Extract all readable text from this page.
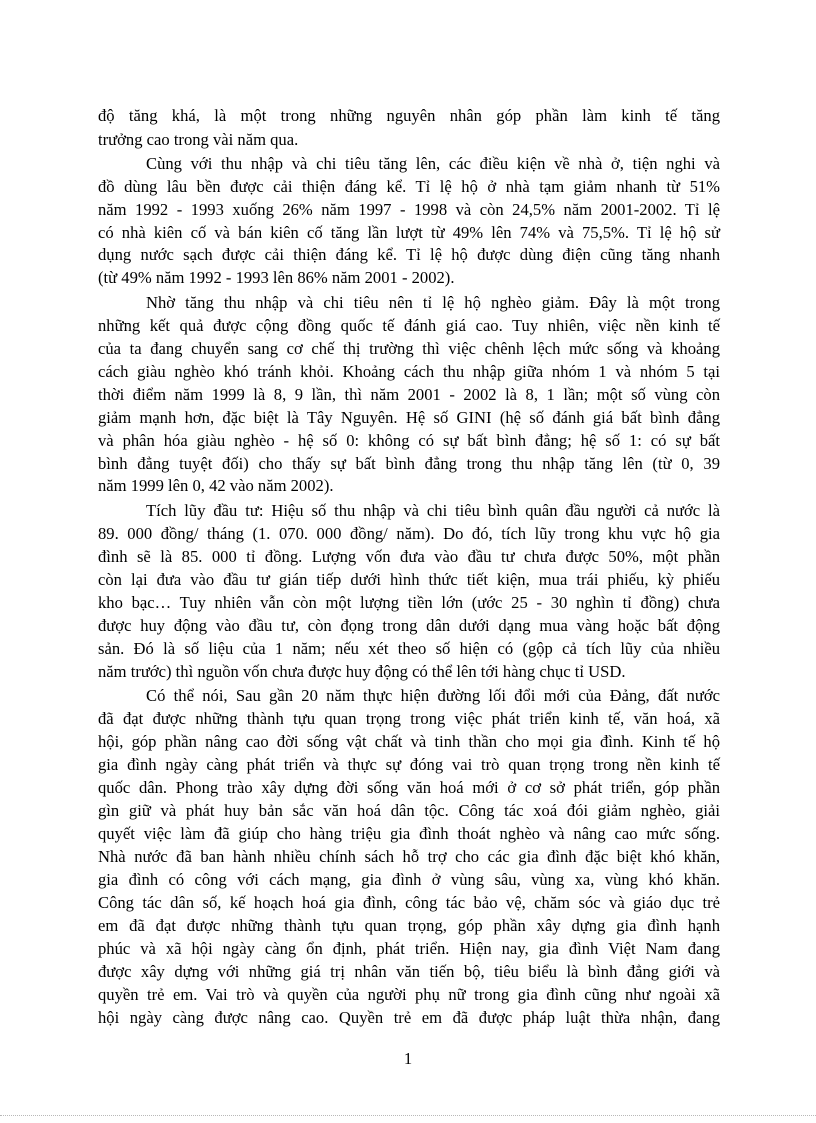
độ tăng khá, là một trong những nguyên nhân góp phần làm kinh tế tăng
trưởng cao trong vài năm qua.
Cùng với thu nhập và chi tiêu tăng lên, các điều kiện về nhà ở, tiện nghi và
đồ dùng lâu bền được cải thiện đáng kể. Tỉ lệ hộ ở nhà tạm giảm nhanh từ 51%
năm 1992 - 1993 xuống 26% năm 1997 - 1998 và còn 24,5% năm 2001-2002. Tỉ lệ
có nhà kiên cố và bán kiên cố tăng lần lượt từ 49% lên 74% và 75,5%. Tỉ lệ hộ sử
dụng nước sạch được cải thiện đáng kể. Tỉ lệ hộ được dùng điện cũng tăng nhanh
(từ 49% năm 1992 - 1993 lên 86% năm 2001 - 2002).
Nhờ tăng thu nhập và chi tiêu nên tỉ lệ hộ nghèo giảm. Đây là một trong
những kết quả được cộng đồng quốc tế đánh giá cao. Tuy nhiên, việc nền kinh tế
của ta đang chuyển sang cơ chế thị trường thì việc chênh lệch mức sống và khoảng
cách giàu nghèo khó tránh khỏi. Khoảng cách thu nhập giữa nhóm 1 và nhóm 5 tại
thời điểm năm 1999 là 8, 9 lần, thì năm 2001 - 2002 là 8, 1 lần; một số vùng còn
giảm mạnh hơn, đặc biệt là Tây Nguyên. Hệ số GINI (hệ số đánh giá bất bình đẳng
và phân hóa giàu nghèo - hệ số 0: không có sự bất bình đẳng; hệ số 1: có sự bất
bình đẳng tuyệt đối) cho thấy sự bất bình đẳng trong thu nhập tăng lên (từ 0, 39
năm 1999 lên 0, 42 vào năm 2002).
Tích lũy đầu tư: Hiệu số thu nhập và chi tiêu bình quân đầu người cả nước là
89. 000 đồng/ tháng (1. 070. 000 đồng/ năm). Do đó, tích lũy trong khu vực hộ gia
đình sẽ là 85. 000 tỉ đồng. Lượng vốn đưa vào đầu tư chưa được 50%, một phần
còn lại đưa vào đầu tư gián tiếp dưới hình thức tiết kiện, mua trái phiếu, kỳ phiếu
kho bạc… Tuy nhiên vẫn còn một lượng tiền lớn (ước 25 - 30 nghìn tỉ đồng) chưa
được huy động vào đầu tư, còn đọng trong dân dưới dạng mua vàng hoặc bất động
sản. Đó là số liệu của 1 năm; nếu xét theo số hiện có (gộp cả tích lũy của nhiều
năm trước) thì nguồn vốn chưa được huy động có thể lên tới hàng chục tỉ USD.
Có thể nói, Sau gần 20 năm thực hiện đường lối đổi mới của Đảng, đất nước
đã đạt được những thành tựu quan trọng trong việc phát triển kinh tế, văn hoá, xã
hội, góp phần nâng cao đời sống vật chất và tinh thần cho mọi gia đình. Kinh tế hộ
gia đình ngày càng phát triển và thực sự đóng vai trò quan trọng trong nền kinh tế
quốc dân. Phong trào xây dựng đời sống văn hoá mới ở cơ sở phát triển, góp phần
gìn giữ và phát huy bản sắc văn hoá dân tộc. Công tác xoá đói giảm nghèo, giải
quyết việc làm đã giúp cho hàng triệu gia đình thoát nghèo và nâng cao mức sống.
Nhà nước đã ban hành nhiều chính sách hỗ trợ cho các gia đình đặc biệt khó khăn,
gia đình có công với cách mạng, gia đình ở vùng sâu, vùng xa, vùng khó khăn.
Công tác dân số, kế hoạch hoá gia đình, công tác bảo vệ, chăm sóc và giáo dục trẻ
em đã đạt được những thành tựu quan trọng, góp phần xây dựng gia đình hạnh
phúc và xã hội ngày càng ổn định, phát triển. Hiện nay, gia đình Việt Nam đang
được xây dựng với những giá trị nhân văn tiến bộ, tiêu biểu là bình đẳng giới và
quyền trẻ em. Vai trò và quyền của người phụ nữ trong gia đình cũng như ngoài xã
hội ngày càng được nâng cao. Quyền trẻ em đã được pháp luật thừa nhận, đang
1
